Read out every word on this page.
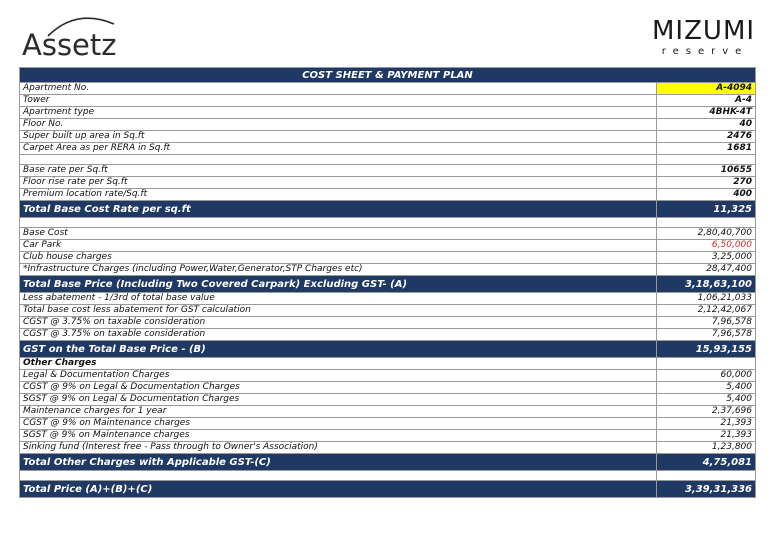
Assetz	MIZUMI
reserve
COST SHEET & PAYMENT PLAN	
Apartment No.	A-4094
Tower	A-4
Apartment type	4BHK-4T
Floor No.	40
Super built up area in Sq.ft	2476
Carpet Area as per RERA in Sq.ft	1681

Base rate per Sq.ft	10655
Floor rise rate per Sq.ft	270
Premium location rate/Sq.ft	400
Total Base Cost Rate per sq.ft	11,325

Base Cost	2,80,40,700
Car Park	6,50,000
Club house charges	3,25,000
*Infrastructure Charges (including Power,Water,Generator,STP Charges etc)	28,47,400
Total Base Price (Including Two Covered Carpark) Excluding GST- (A)	3,18,63,100
Less abatement - 1/3rd of total base value	1,06,21,033
Total base cost less abatement for GST calculation	2,12,42,067
CGST @ 3.75% on taxable consideration	7,96,578
CGST @ 3.75% on taxable consideration	7,96,578
GST on the Total Base Price - (B)	15,93,155
Other Charges	
Legal & Documentation Charges	60,000
CGST @ 9% on Legal & Documentation Charges	5,400
SGST @ 9% on Legal & Documentation Charges	5,400
Maintenance charges for 1 year	2,37,696
CGST @ 9% on Maintenance charges	21,393
SGST @ 9% on Maintenance charges	21,393
Sinking fund (Interest free - Pass through to Owner's Association)	1,23,800
Total Other Charges with Applicable GST-(C)	4,75,081

Total Price (A)+(B)+(C)	3,39,31,336
